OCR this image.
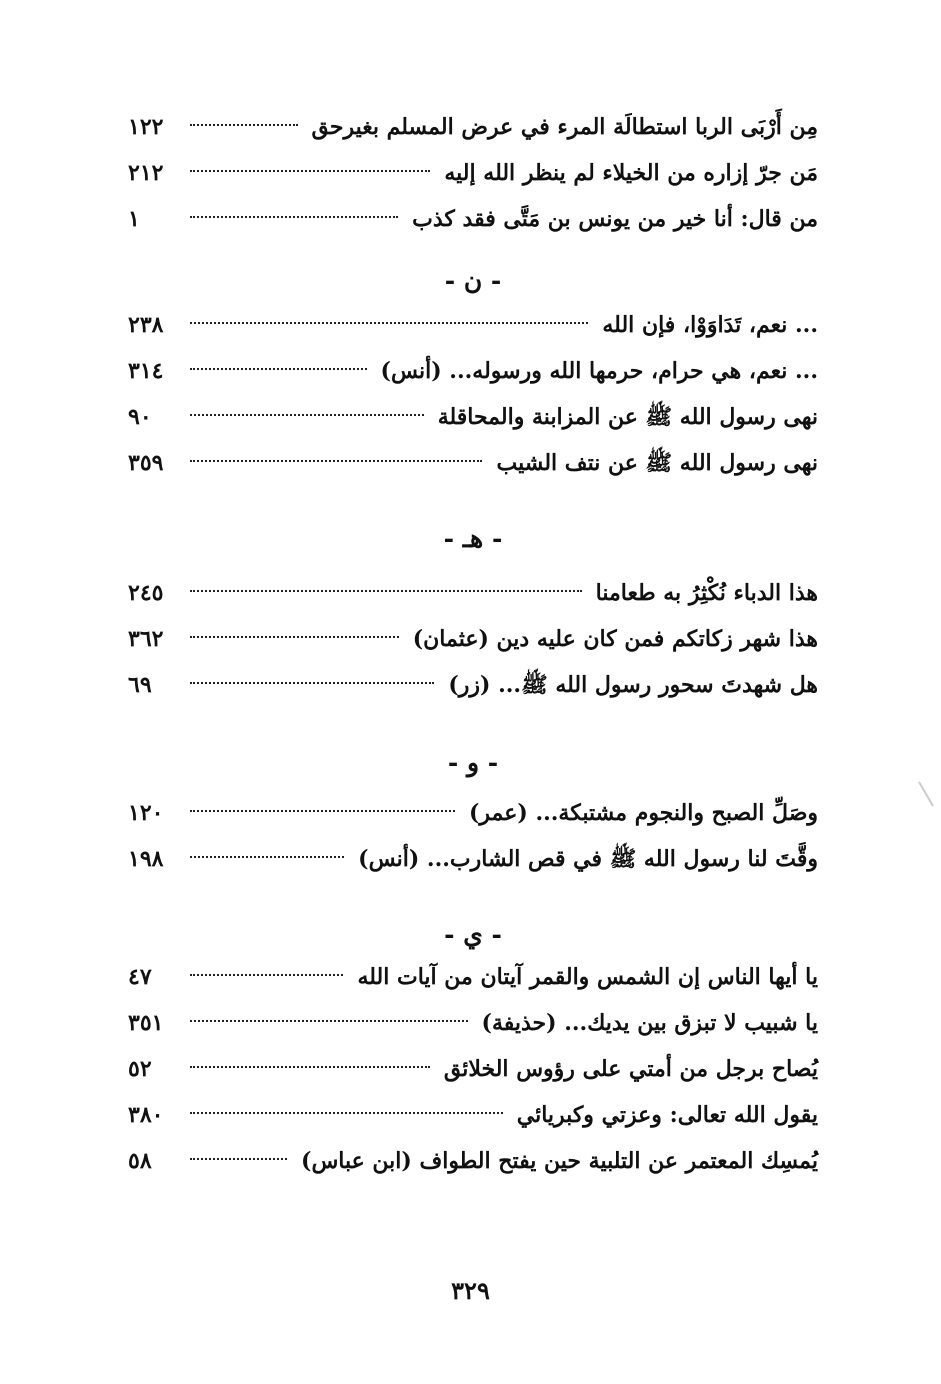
مِن أَرْبَى الربا استطالَة المرء في عرض المسلم بغيرحق
١٢٢
مَن جرّ إزاره من الخيلاء لم ينظر الله إليه
٢١٢
من قال: أنا خير من يونس بن مَتَّى فقد كذب
١
- ن -
... نعم، تَدَاوَوْا، فإن الله
٢٣٨
... نعم، هي حرام، حرمها الله ورسوله... (أنس)
٣١٤
نهى رسول الله ﷺ عن المزابنة والمحاقلة
٩٠
نهى رسول الله ﷺ عن نتف الشيب
٣٥٩
- هـ -
هذا الدباء نُكْثِرُ به طعامنا
٢٤٥
هذا شهر زكاتكم فمن كان عليه دين (عثمان)
٣٦٢
هل شهدتَ سحور رسول الله ﷺ... (زر)
٦٩
- و -
وصَلِّ الصبح والنجوم مشتبكة... (عمر)
١٢٠
وقَّتَ لنا رسول الله ﷺ في قص الشارب... (أنس)
١٩٨
- ي -
يا أيها الناس إن الشمس والقمر آيتان من آيات الله
٤٧
يا شبيب لا تبزق بين يديك... (حذيفة)
٣٥١
يُصاح برجل من أمتي على رؤوس الخلائق
٥٢
يقول الله تعالى: وعزتي وكبريائي
٣٨٠
يُمسِك المعتمر عن التلبية حين يفتح الطواف (ابن عباس)
٥٨
٣٢٩
